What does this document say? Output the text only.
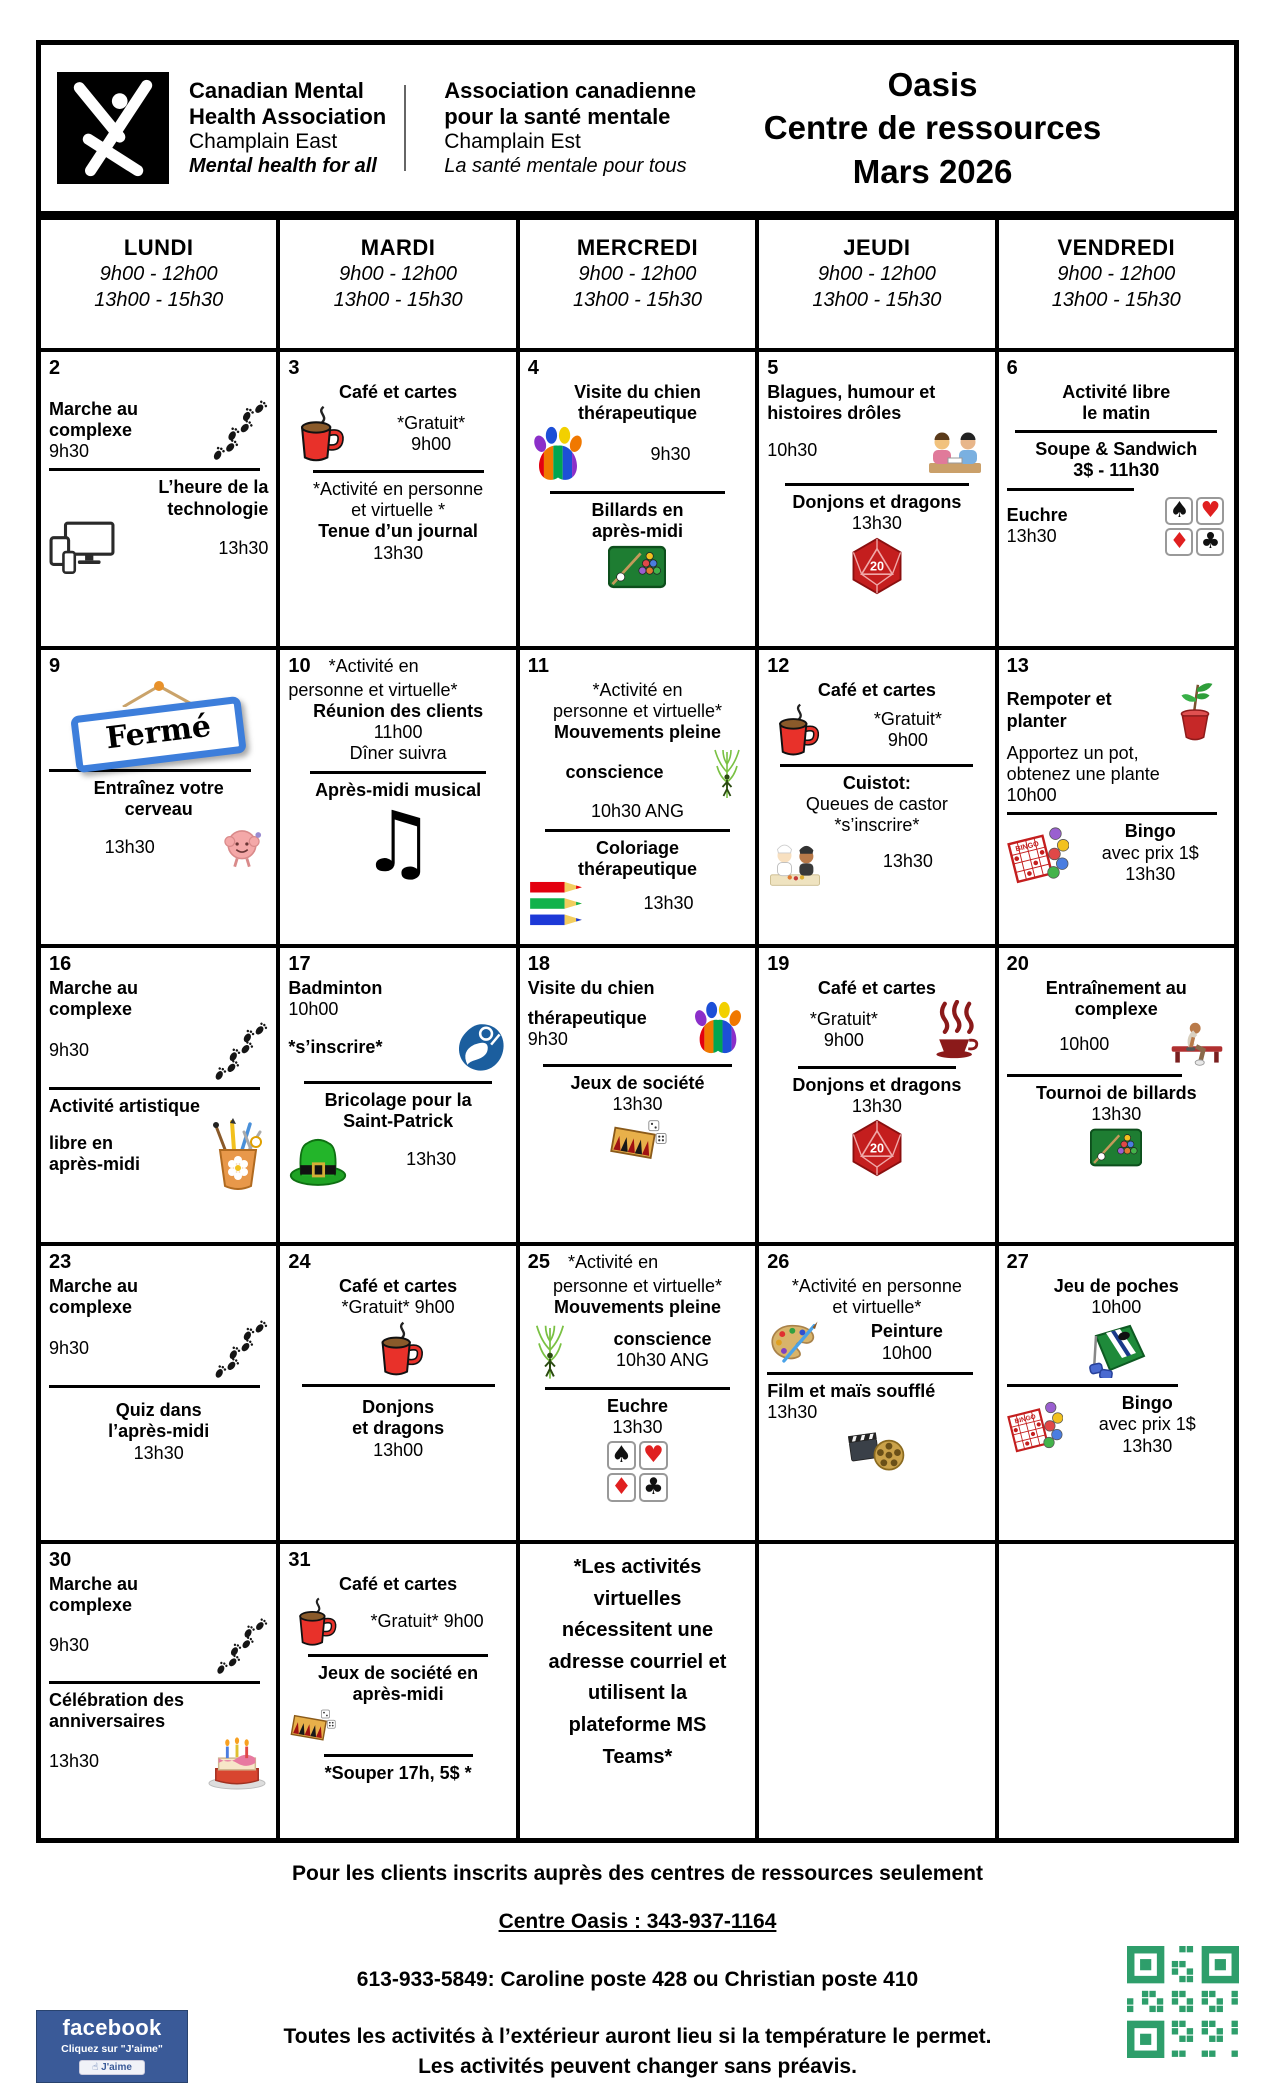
Canadian Mental
Health Association
Champlain East
Mental health for all
Association canadienne
pour la santé mentale
Champlain Est
La santé mentale pour tous
Oasis
Centre de ressources
Mars 2026
LUNDI
9h00 - 12h00
13h00 - 15h30
MARDI
9h00 - 12h00
13h00 - 15h30
MERCREDI
9h00 - 12h00
13h00 - 15h30
JEUDI
9h00 - 12h00
13h00 - 15h30
VENDREDI
9h00 - 12h00
13h00 - 15h30
2
Marche au
complexe
9h30
L’heure de la
technologie
13h30
3
Café et cartes
*Gratuit*
9h00
*Activité en personne
et virtuelle *
Tenue d’un journal
13h30
4
Visite du chien
thérapeutique
9h30
Billards en
après-midi
5
Blagues, humour et
histoires drôles
10h30
Donjons et dragons
13h30
20
6
Activité libre
le matin
Soupe & Sandwich
3$ - 11h30
Euchre
13h30
♠ ♥
♦ ♣
9
Fermé
Entraînez votre
cerveau
13h30
10 *Activité en
personne et virtuelle*
Réunion des clients
11h00
Dîner suivra
Après-midi musical
♫
11
*Activité en
personne et virtuelle*
Mouvements pleine
conscience
10h30 ANG
Coloriage
thérapeutique
13h30
12
Café et cartes
*Gratuit*
9h00
Cuistot:
Queues de castor
*s’inscrire*
13h30
13
Rempoter et
planter
Apportez un pot,
obtenez une plante
10h00
BINGO
Bingo
avec prix 1$
13h30
16
Marche au
complexe
9h30
Activité artistique
libre en
après-midi
17
Badminton
10h00
*s’inscrire*
Bricolage pour la
Saint-Patrick
13h30
18
Visite du chien
thérapeutique
9h30
Jeux de société
13h30
19
Café et cartes
*Gratuit*
9h00
Donjons et dragons
13h30
20
20
Entraînement au
complexe
10h00
Tournoi de billards
13h30
23
Marche au
complexe
9h30
Quiz dans
l’après-midi
13h30
24
Café et cartes
*Gratuit* 9h00
Donjons
et dragons
13h00
25 *Activité en
personne et virtuelle*
Mouvements pleine
conscience
10h30 ANG
Euchre
13h30
♠ ♥
♦ ♣
26
*Activité en personne
et virtuelle*
Peinture
10h00
Film et maïs soufflé
13h30
27
Jeu de poches
10h00
BINGO
Bingo
avec prix 1$
13h30
30
Marche au
complexe
9h30
Célébration des
anniversaires
13h30
31
Café et cartes
*Gratuit* 9h00
Jeux de société en
après-midi
*Souper 17h, 5$ *
*Les activités
virtuelles
nécessitent une
adresse courriel et
utilisent la
plateforme MS
Teams*
Pour les clients inscrits auprès des centres de ressources seulement
Centre Oasis : 343-937-1164
613-933-5849: Caroline poste 428 ou Christian poste 410
Toutes les activités à l’extérieur auront lieu si la température le permet.
Les activités peuvent changer sans préavis.
facebook
Cliquez sur "J'aime"
☝ J'aime
